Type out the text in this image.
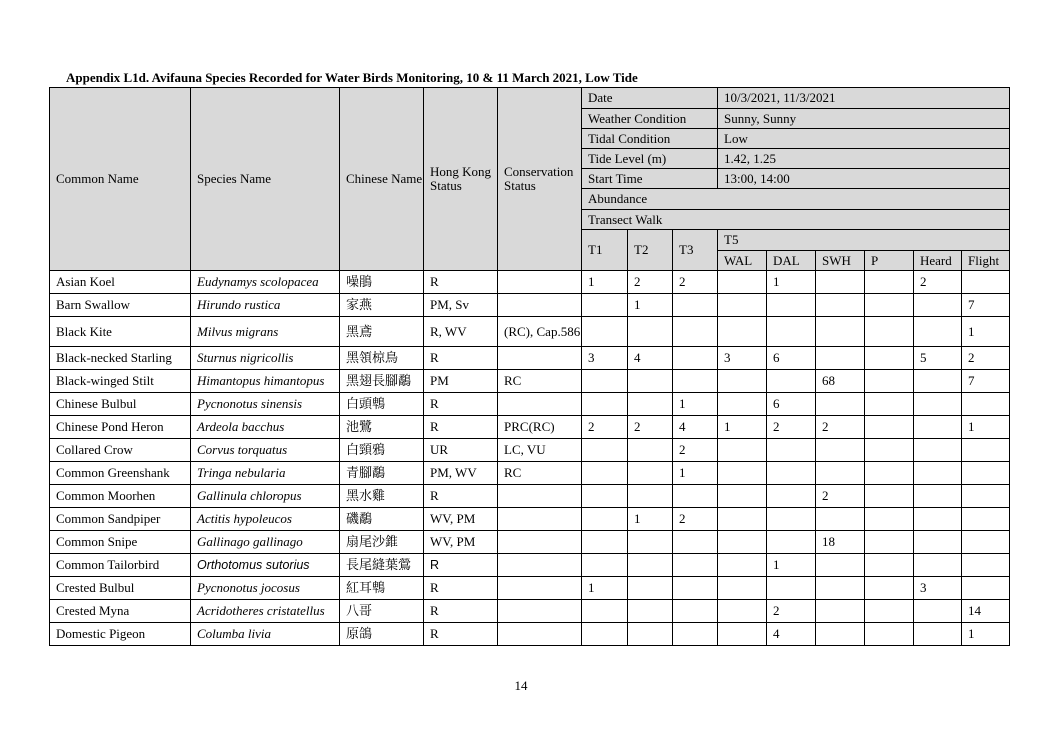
Appendix L1d. Avifauna Species Recorded for Water Birds Monitoring, 10 & 11 March 2021, Low Tide
Common Name	Species Name	Chinese Name	Hong Kong Status	Conservation Status	Date			10/3/2021, 11/3/2021					
					Weather Condition			Sunny, Sunny					
					Tidal Condition			Low					
					Tide Level (m)			1.42, 1.25					
					Start Time			13:00, 14:00					
					Abundance								
					Transect Walk								
					T1	T2	T3	T5					
								WAL	DAL	SWH	P	Heard	Flight
Asian Koel	Eudynamys scolopacea	噪鵑	R		1	2	2		1			2	
Barn Swallow	Hirundo rustica	家燕	PM, Sv			1							7
Black Kite	Milvus migrans	黑鳶	R, WV	(RC), Cap.586									1
Black-necked Starling	Sturnus nigricollis	黑領椋鳥	R		3	4		3	6			5	2
Black-winged Stilt	Himantopus himantopus	黑翅長腳鷸	PM	RC						68			7
Chinese Bulbul	Pycnonotus sinensis	白頭鵯	R				1		6				
Chinese Pond Heron	Ardeola bacchus	池鷺	R	PRC(RC)	2	2	4	1	2	2			1
Collared Crow	Corvus torquatus	白頸鴉	UR	LC, VU			2						
Common Greenshank	Tringa nebularia	青腳鷸	PM, WV	RC			1						
Common Moorhen	Gallinula chloropus	黑水雞	R							2			
Common Sandpiper	Actitis hypoleucos	磯鷸	WV, PM			1	2						
Common Snipe	Gallinago gallinago	扇尾沙錐	WV, PM							18			
Common Tailorbird	Orthotomus sutorius	長尾縫葉鶯	R						1				
Crested Bulbul	Pycnonotus jocosus	紅耳鵯	R		1							3	
Crested Myna	Acridotheres cristatellus	八哥	R						2				14
Domestic Pigeon	Columba livia	原鴿	R						4				1
14
